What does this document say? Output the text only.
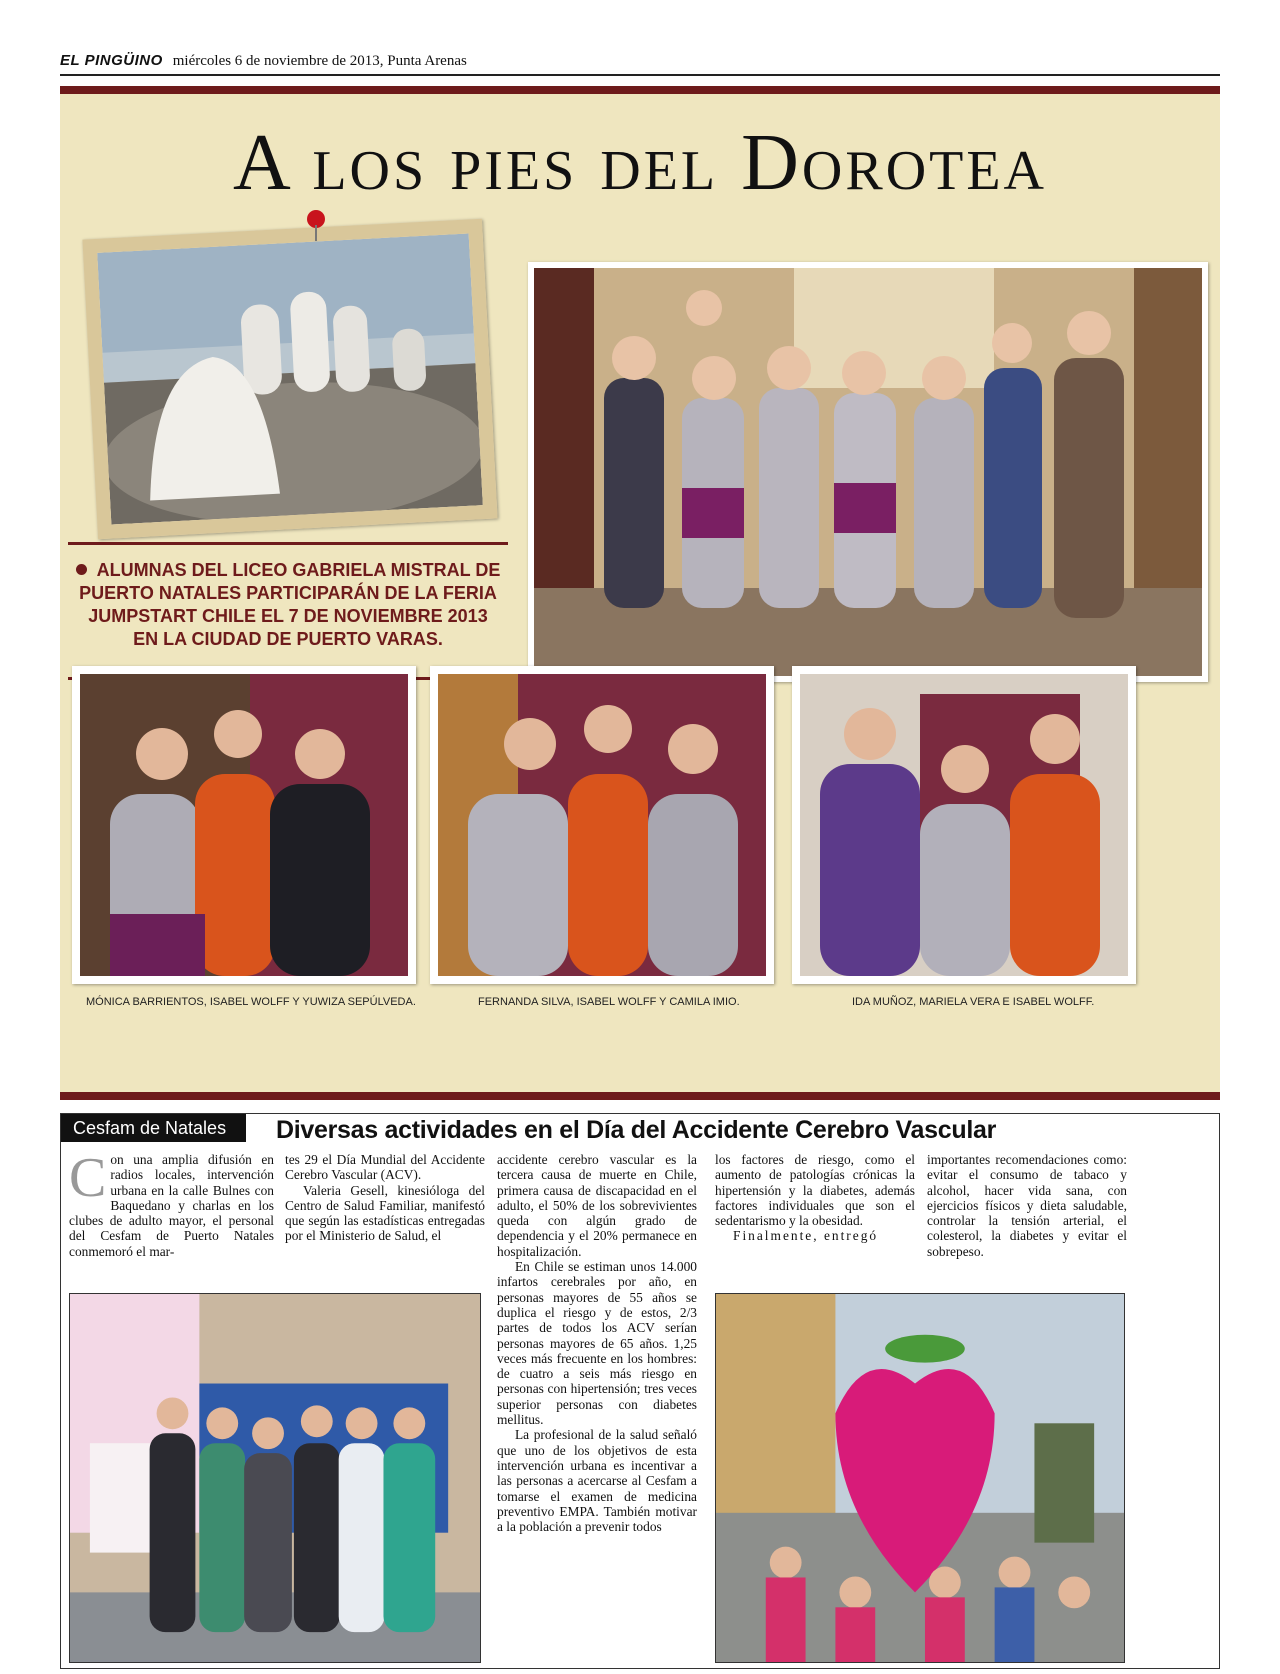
EL PINGÜINO miércoles 6 de noviembre de 2013, Punta Arenas
A los pies del Dorotea
ALUMNAS DEL LICEO GABRIELA MISTRAL DE PUERTO NATALES PARTICIPARÁN DE LA FERIA JUMPSTART CHILE EL 7 DE NOVIEMBRE 2013 EN LA CIUDAD DE PUERTO VARAS.
MÓNICA BARRIENTOS, ISABEL WOLFF Y YUWIZA SEPÚLVEDA.	FERNANDA SILVA, ISABEL WOLFF Y CAMILA IMIO.	IDA MUÑOZ, MARIELA VERA E ISABEL WOLFF.
Cesfam de Natales	Diversas actividades en el Día del Accidente Cerebro Vascular
Con una amplia difusión en radios locales, intervención urbana en la calle Bulnes con Baquedano y charlas en los clubes de adulto mayor, el personal del Cesfam de Puerto Natales conmemoró el mar-

tes 29 el Día Mundial del Accidente Cerebro Vascular (ACV).

Valeria Gesell, kinesióloga del Centro de Salud Familiar, manifestó que según las estadísticas entregadas por el Ministerio de Salud, el

accidente cerebro vascular es la tercera causa de muerte en Chile, primera causa de discapacidad en el adulto, el 50% de los sobrevivientes queda con algún grado de dependencia y el 20% permanece en hospitalización.

En Chile se estiman unos 14.000 infartos cerebrales por año, en personas mayores de 55 años se duplica el riesgo y de estos, 2/3 partes de todos los ACV serían personas mayores de 65 años. 1,25 veces más frecuente en los hombres: de cuatro a seis más riesgo en personas con hipertensión; tres veces superior personas con diabetes mellitus.

La profesional de la salud señaló que uno de los objetivos de esta intervención urbana es incentivar a las personas a acercarse al Cesfam a tomarse el examen de medicina preventivo EMPA. También motivar a la población a prevenir todos

los factores de riesgo, como el aumento de patologías crónicas la hipertensión y la diabetes, además factores individuales que son el sedentarismo y la obesidad.

Finalmente, entregó

importantes recomendaciones como: evitar el consumo de tabaco y alcohol, hacer vida sana, con ejercicios físicos y dieta saludable, controlar la tensión arterial, el colesterol, la diabetes y evitar el sobrepeso.
